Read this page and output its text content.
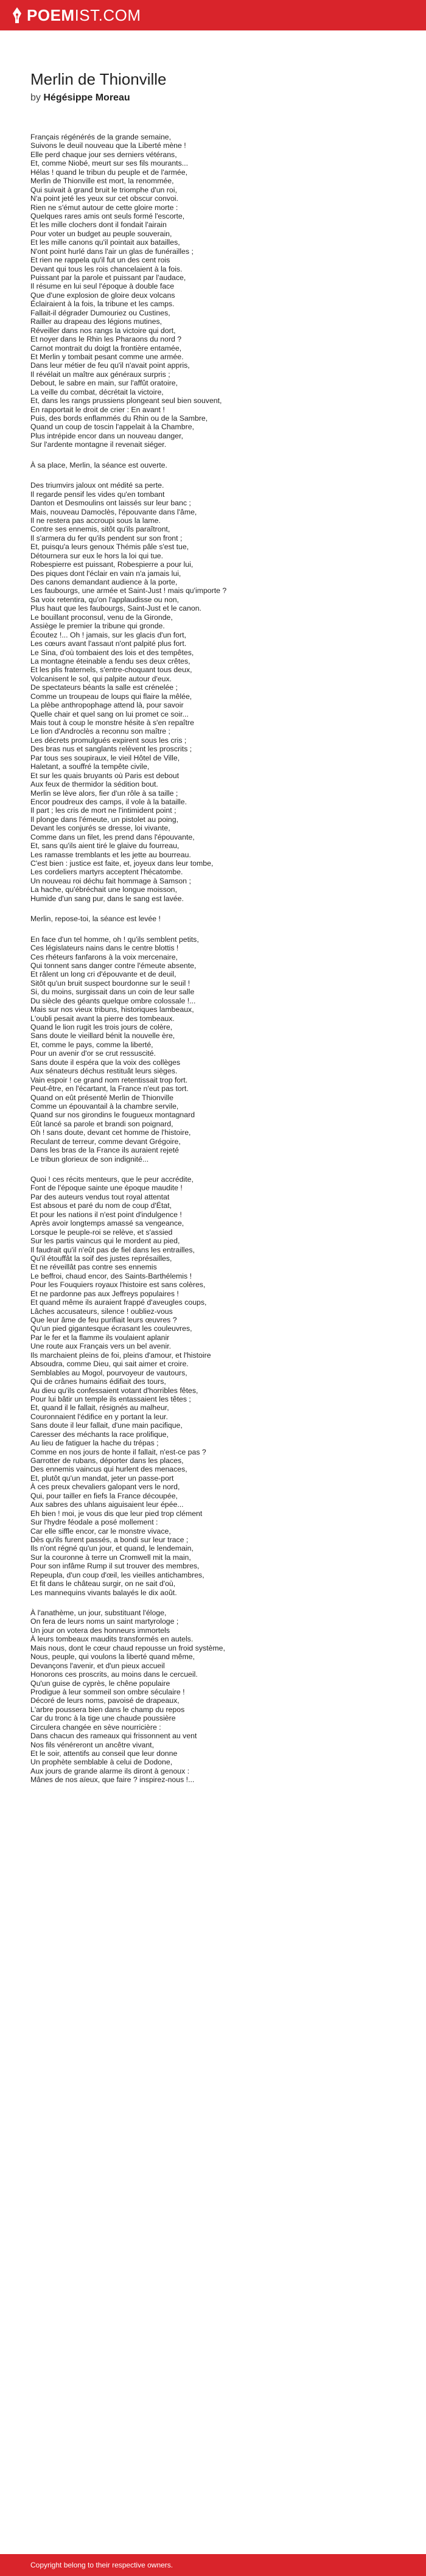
POEMIST.COM
Merlin de Thionville
by Hégésippe Moreau
Français régénérés de la grande semaine,
Suivons le deuil nouveau que la Liberté mène !
Elle perd chaque jour ses derniers vétérans,
Et, comme Niobé, meurt sur ses fils mourants...
Hélas ! quand le tribun du peuple et de l'armée,
Merlin de Thionville est mort, la renommée,
Qui suivait à grand bruit le triomphe d'un roi,
N'a point jeté les yeux sur cet obscur convoi.
Rien ne s'émut autour de cette gloire morte :
Quelques rares amis ont seuls formé l'escorte,
Et les mille clochers dont il fondait l'airain
Pour voter un budget au peuple souverain,
Et les mille canons qu'il pointait aux batailles,
N'ont point hurlé dans l'air un glas de funérailles ;
Et rien ne rappela qu'il fut un des cent rois
Devant qui tous les rois chancelaient à la fois.
Puissant par la parole et puissant par l'audace,
Il résume en lui seul l'époque à double face
Que d'une explosion de gloire deux volcans
Éclairaient à la fois, la tribune et les camps.
Fallait-il dégrader Dumouriez ou Custines,
Railler au drapeau des légions mutines,
Réveiller dans nos rangs la victoire qui dort,
Et noyer dans le Rhin les Pharaons du nord ?
Carnot montrait du doigt la frontière entamée,
Et Merlin y tombait pesant comme une armée.
Dans leur métier de feu qu'il n'avait point appris,
Il révélait un maître aux généraux surpris ;
Debout, le sabre en main, sur l'affût oratoire,
La veille du combat, décrétait la victoire,
Et, dans les rangs prussiens plongeant seul bien souvent,
En rapportait le droit de crier : En avant !
Puis, des bords enflammés du Rhin ou de la Sambre,
Quand un coup de toscin l'appelait à la Chambre,
Plus intrépide encor dans un nouveau danger,
Sur l'ardente montagne il revenait siéger.
À sa place, Merlin, la séance est ouverte.
Des triumvirs jaloux ont médité sa perte.
Il regarde pensif les vides qu'en tombant
Danton et Desmoulins ont laissés sur leur banc ;
Mais, nouveau Damoclès, l'épouvante dans l'âme,
Il ne restera pas accroupi sous la lame.
Contre ses ennemis, sitôt qu'ils paraîtront,
Il s'armera du fer qu'ils pendent sur son front ;
Et, puisqu'a leurs genoux Thémis pâle s'est tue,
Détournera sur eux le hors la loi qui tue.
Robespierre est puissant, Robespierre a pour lui,
Des piques dont l'éclair en vain n'a jamais lui,
Des canons demandant audience à la porte,
Les faubourgs, une armée et Saint-Just ! mais qu'importe ?
Sa voix retentira, qu'on l'applaudisse ou non,
Plus haut que les faubourgs, Saint-Just et le canon.
Le bouillant proconsul, venu de la Gironde,
Assiège le premier la tribune qui gronde.
Écoutez !... Oh ! jamais, sur les glacis d'un fort,
Les cœurs avant l'assaut n'ont palpité plus fort.
Le Sina, d'où tombaient des lois et des tempêtes,
La montagne éteinable a fendu ses deux crêtes,
Et les plis fraternels, s'entre-choquant tous deux,
Volcanisent le sol, qui palpite autour d'eux.
De spectateurs béants la salle est crénelée ;
Comme un troupeau de loups qui flaire la mêlée,
La plèbe anthropophage attend là, pour savoir
Quelle chair et quel sang on lui promet ce soir...
Mais tout à coup le monstre hésite à s'en repaître
Le lion d'Androclès a reconnu son maître ;
Les décrets promulgués expirent sous les cris ;
Des bras nus et sanglants relèvent les proscrits ;
Par tous ses soupiraux, le vieil Hôtel de Ville,
Haletant, a souffré la tempête civile,
Et sur les quais bruyants où Paris est debout
Aux feux de thermidor la sédition bout.
Merlin se lève alors, fier d'un rôle à sa taille ;
Encor poudreux des camps, il vole à la bataille.
Il part ; les cris de mort ne l'intimident point ;
Il plonge dans l'émeute, un pistolet au poing,
Devant les conjurés se dresse, loi vivante,
Comme dans un filet, les prend dans l'épouvante,
Et, sans qu'ils aient tiré le glaive du fourreau,
Les ramasse tremblants et les jette au bourreau.
C'est bien : justice est faite, et, joyeux dans leur tombe,
Les cordeliers martyrs acceptent l'hécatombe.
Un nouveau roi déchu fait hommage à Samson ;
La hache, qu'ébréchait une longue moisson,
Humide d'un sang pur, dans le sang est lavée.
Merlin, repose-toi, la séance est levée !
En face d'un tel homme, oh ! qu'ils semblent petits,
Ces législateurs nains dans le centre blottis !
Ces rhéteurs fanfarons à la voix mercenaire,
Qui tonnent sans danger contre l'émeute absente,
Et râlent un long cri d'épouvante et de deuil,
Sitôt qu'un bruit suspect bourdonne sur le seuil !
Si, du moins, surgissait dans un coin de leur salle
Du siècle des géants quelque ombre colossale !...
Mais sur nos vieux tribuns, historiques lambeaux,
L'oubli pesait avant la pierre des tombeaux.
Quand le lion rugit les trois jours de colère,
Sans doute le vieillard bénit la nouvelle ère,
Et, comme le pays, comme la liberté,
Pour un avenir d'or se crut ressuscité.
Sans doute il espéra que la voix des collèges
Aux sénateurs déchus restituât leurs sièges.
Vain espoir ! ce grand nom retentissait trop fort.
Peut-être, en l'écartant, la France n'eut pas tort.
Quand on eût présenté Merlin de Thionville
Comme un épouvantail à la chambre servile,
Quand sur nos girondins le fougueux montagnard
Eût lancé sa parole et brandi son poignard,
Oh ! sans doute, devant cet homme de l'histoire,
Reculant de terreur, comme devant Grégoire,
Dans les bras de la France ils auraient rejeté
Le tribun glorieux de son indignité...
Quoi ! ces récits menteurs, que le peur accrédite,
Font de l'époque sainte une époque maudite !
Par des auteurs vendus tout royal attentat
Est absous et paré du nom de coup d'État,
Et pour les nations il n'est point d'indulgence !
Après avoir longtemps amassé sa vengeance,
Lorsque le peuple-roi se relève, et s'assied
Sur les partis vaincus qui le mordent au pied,
Il faudrait qu'il n'eût pas de fiel dans les entrailles,
Qu'il étouffât la soif des justes représailles,
Et ne réveillât pas contre ses ennemis
Le beffroi, chaud encor, des Saints-Barthélemis !
Pour les Fouquiers royaux l'histoire est sans colères,
Et ne pardonne pas aux Jeffreys populaires !
Et quand même ils auraient frappé d'aveugles coups,
Lâches accusateurs, silence ! oubliez-vous
Que leur âme de feu purifiait leurs œuvres ?
Qu'un pied gigantesque écrasant les couleuvres,
Par le fer et la flamme ils voulaient aplanir
Une route aux Français vers un bel avenir.
Ils marchaient pleins de foi, pleins d'amour, et l'histoire
Absoudra, comme Dieu, qui sait aimer et croire.
Semblables au Mogol, pourvoyeur de vautours,
Qui de crânes humains édifiait des tours,
Au dieu qu'ils confessaient votant d'horribles fêtes,
Pour lui bâtir un temple ils entassaient les têtes ;
Et, quand il le fallait, résignés au malheur,
Couronnaient l'édifice en y portant la leur.
Sans doute il leur fallait, d'une main pacifique,
Caresser des méchants la race prolifique,
Au lieu de fatiguer la hache du trépas ;
Comme en nos jours de honte il fallait, n'est-ce pas ?
Garrotter de rubans, déporter dans les places,
Des ennemis vaincus qui hurlent des menaces,
Et, plutôt qu'un mandat, jeter un passe-port
À ces preux chevaliers galopant vers le nord,
Qui, pour tailler en fiefs la France découpée,
Aux sabres des uhlans aiguisaient leur épée...
Eh bien ! moi, je vous dis que leur pied trop clément
Sur l'hydre féodale a posé mollement :
Car elle siffle encor, car le monstre vivace,
Dès qu'ils furent passés, a bondi sur leur trace ;
Ils n'ont régné qu'un jour, et quand, le lendemain,
Sur la couronne à terre un Cromwell mit la main,
Pour son infâme Rump il sut trouver des membres,
Repeupla, d'un coup d'œil, les vieilles antichambres,
Et fit dans le château surgir, on ne sait d'où,
Les mannequins vivants balayés le dix août.
À l'anathème, un jour, substituant l'éloge,
On fera de leurs noms un saint martyrologe ;
Un jour on votera des honneurs immortels
À leurs tombeaux maudits transformés en autels.
Mais nous, dont le cœur chaud repousse un froid système,
Nous, peuple, qui voulons la liberté quand même,
Devançons l'avenir, et d'un pieux accueil
Honorons ces proscrits, au moins dans le cercueil.
Qu'un guise de cyprès, le chêne populaire
Prodigue à leur sommeil son ombre séculaire !
Décoré de leurs noms, pavoisé de drapeaux,
L'arbre poussera bien dans le champ du repos
Car du tronc à la tige une chaude poussière
Circulera changée en sève nourricière :
Dans chacun des rameaux qui frissonnent au vent
Nos fils vénéreront un ancêtre vivant,
Et le soir, attentifs au conseil que leur donne
Un prophète semblable à celui de Dodone,
Aux jours de grande alarme ils diront à genoux :
Mânes de nos aïeux, que faire ? inspirez-nous !...
Copyright belong to their respective owners.
